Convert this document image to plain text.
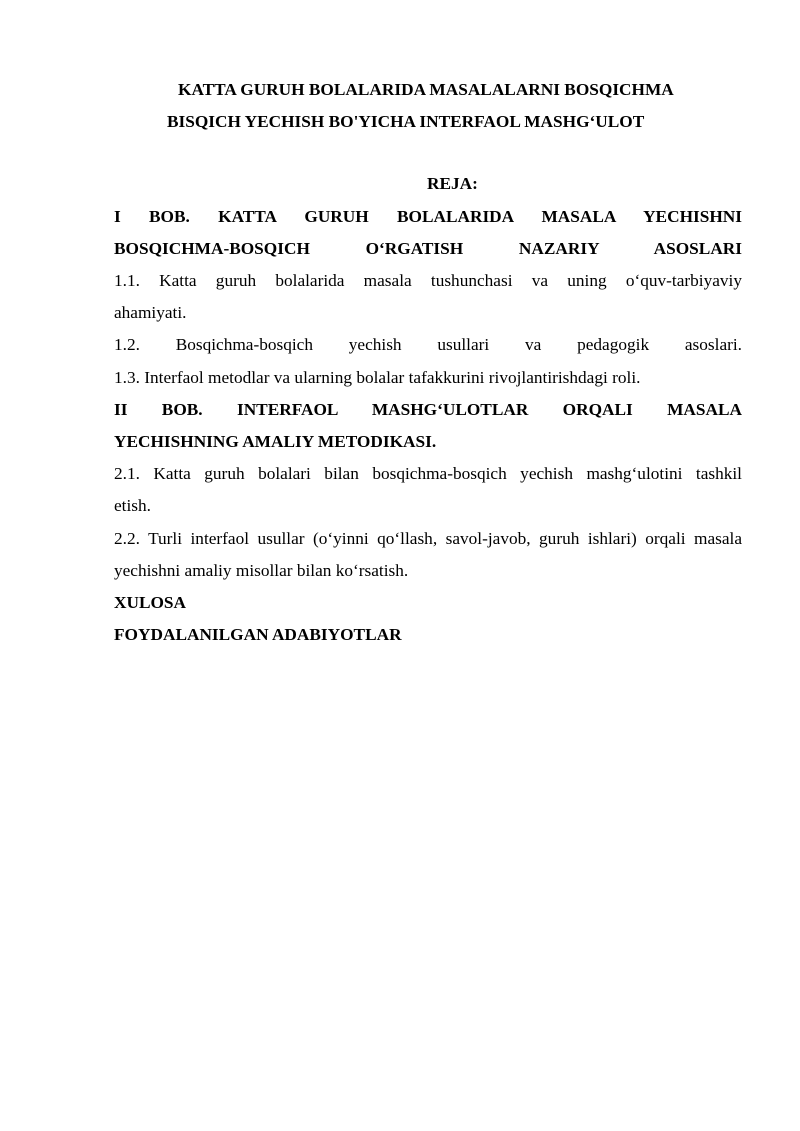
KATTA GURUH BOLALARIDA MASALALARNI BOSQICHMA
BISQICH YECHISH BO'YICHA INTERFAOL MASHG‘ULOT
REJA:
I BOB. KATTA GURUH BOLALARIDA MASALA YECHISHNI
BOSQICHMA-BOSQICH O‘RGATISH NAZARIY ASOSLARI
1.1. Katta guruh bolalarida masala tushunchasi va uning o‘quv-tarbiyaviy
ahamiyati.
1.2. Bosqichma-bosqich yechish usullari va pedagogik asoslari.
1.3. Interfaol metodlar va ularning bolalar tafakkurini rivojlantirishdagi roli.
II BOB. INTERFAOL MASHG‘ULOTLAR ORQALI MASALA
YECHISHNING AMALIY METODIKASI.
2.1. Katta guruh bolalari bilan bosqichma-bosqich yechish mashg‘ulotini tashkil
etish.
2.2. Turli interfaol usullar (o‘yinni qo‘llash, savol-javob, guruh ishlari) orqali masala
yechishni amaliy misollar bilan ko‘rsatish.
XULOSA
FOYDALANILGAN ADABIYOTLAR
